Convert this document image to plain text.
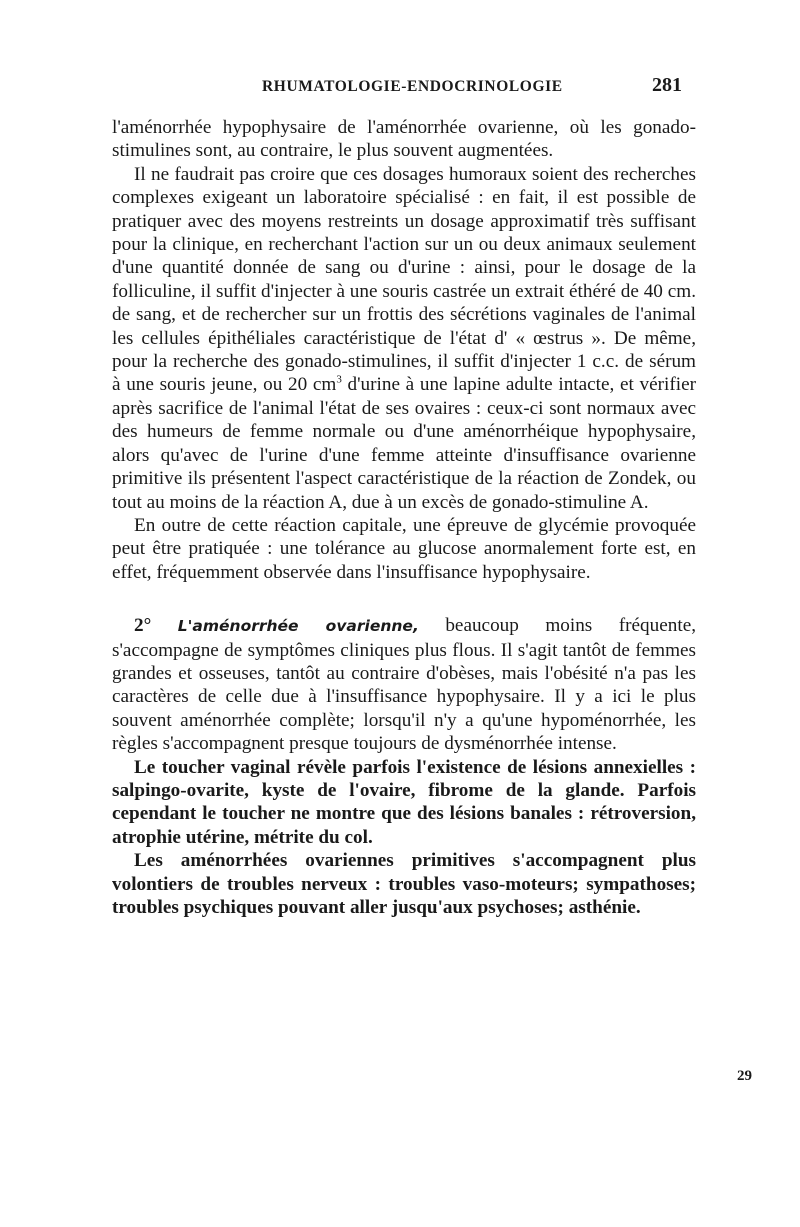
RHUMATOLOGIE-ENDOCRINOLOGIE	281

l'aménorrhée hypophysaire de l'aménorrhée ovarienne, où les gonado-stimulines sont, au contraire, le plus souvent augmentées.

Il ne faudrait pas croire que ces dosages humoraux soient des recherches complexes exigeant un laboratoire spécialisé : en fait, il est possible de pratiquer avec des moyens restreints un dosage approximatif très suffisant pour la clinique, en recherchant l'action sur un ou deux animaux seulement d'une quantité donnée de sang ou d'urine : ainsi, pour le dosage de la folliculine, il suffit d'injecter à une souris castrée un extrait éthéré de 40 cm. de sang, et de rechercher sur un frottis des sécrétions vaginales de l'animal les cellules épithéliales caractéristique de l'état d' « œstrus ». De même, pour la recherche des gonado-stimulines, il suffit d'injecter 1 c.c. de sérum à une souris jeune, ou 20 $cm^3$ d'urine à une lapine adulte intacte, et vérifier après sacrifice de l'animal l'état de ses ovaires : ceux-ci sont normaux avec des humeurs de femme normale ou d'une aménorrhéique hypophysaire, alors qu'avec de l'urine d'une femme atteinte d'insuffisance ovarienne primitive ils présentent l'aspect caractéristique de la réaction de Zondek, ou tout au moins de la réaction A, due à un excès de gonado-stimuline A.

En outre de cette réaction capitale, une épreuve de glycémie provoquée peut être pratiquée : une tolérance au glucose anormalement forte est, en effet, fréquemment observée dans l'insuffisance hypophysaire.

2° L'aménorrhée ovarienne, beaucoup moins fréquente, s'accompagne de symptômes cliniques plus flous. Il s'agit tantôt de femmes grandes et osseuses, tantôt au contraire d'obèses, mais l'obésité n'a pas les caractères de celle due à l'insuffisance hypophysaire. Il y a ici le plus souvent aménorrhée complète; lorsqu'il n'y a qu'une hypoménorrhée, les règles s'accompagnent presque toujours de dysménorrhée intense.

Le toucher vaginal révèle parfois l'existence de lésions annexielles : salpingo-ovarite, kyste de l'ovaire, fibrome de la glande. Parfois cependant le toucher ne montre que des lésions banales : rétroversion, atrophie utérine, métrite du col.

Les aménorrhées ovariennes primitives s'accompagnent plus volontiers de troubles nerveux : troubles vaso-moteurs; sympathoses; troubles psychiques pouvant aller jusqu'aux psychoses; asthénie.

29
